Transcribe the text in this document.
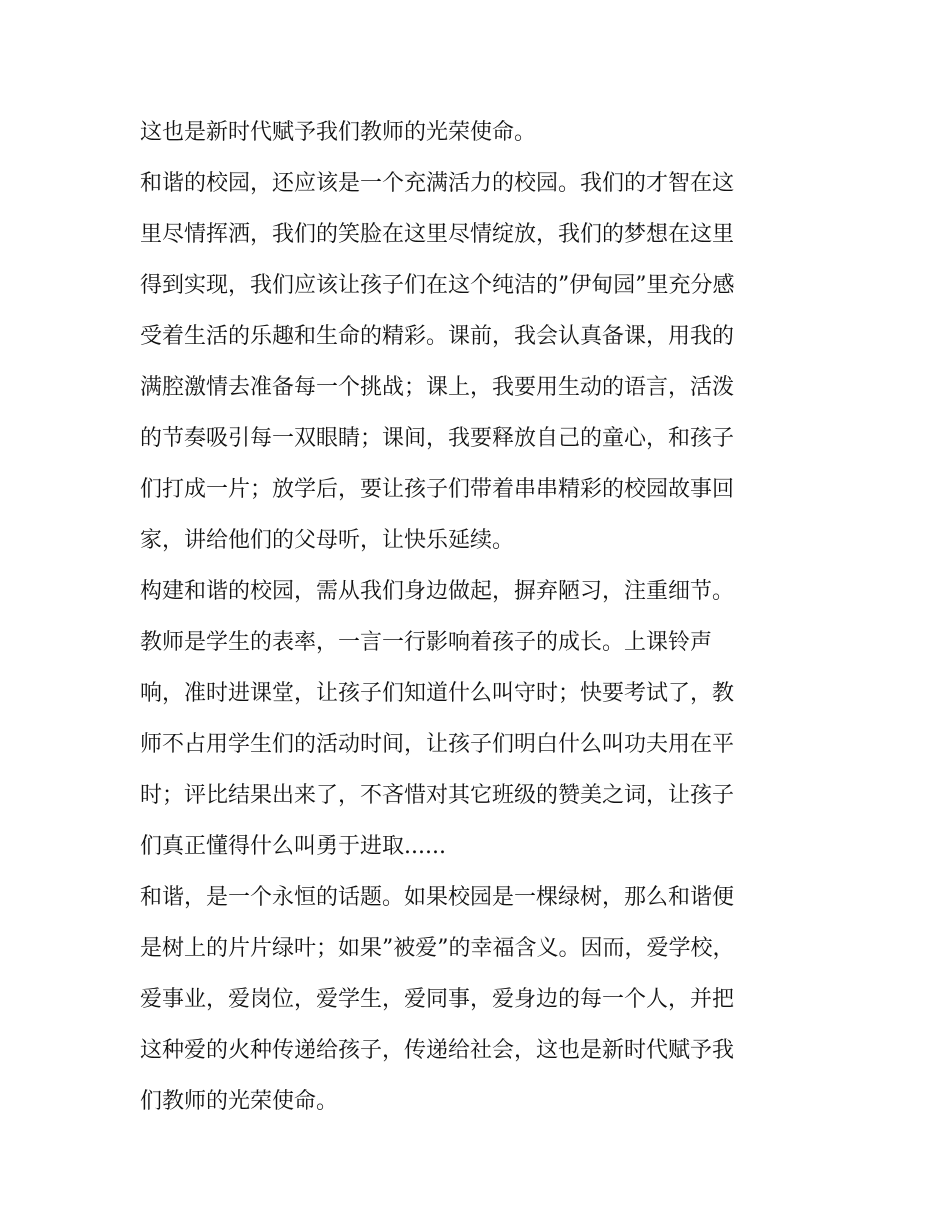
这也是新时代赋予我们教师的光荣使命。
和谐的校园，还应该是一个充满活力的校园。我们的才智在这
里尽情挥洒，我们的笑脸在这里尽情绽放，我们的梦想在这里
得到实现，我们应该让孩子们在这个纯洁的”伊甸园”里充分感
受着生活的乐趣和生命的精彩。课前，我会认真备课，用我的
满腔激情去准备每一个挑战；课上，我要用生动的语言，活泼
的节奏吸引每一双眼睛；课间，我要释放自己的童心，和孩子
们打成一片；放学后，要让孩子们带着串串精彩的校园故事回
家，讲给他们的父母听，让快乐延续。
构建和谐的校园，需从我们身边做起，摒弃陋习，注重细节。
教师是学生的表率，一言一行影响着孩子的成长。上课铃声
响，准时进课堂，让孩子们知道什么叫守时；快要考试了，教
师不占用学生们的活动时间，让孩子们明白什么叫功夫用在平
时；评比结果出来了，不吝惜对其它班级的赞美之词，让孩子
们真正懂得什么叫勇于进取......
和谐，是一个永恒的话题。如果校园是一棵绿树，那么和谐便
是树上的片片绿叶；如果”被爱”的幸福含义。因而，爱学校，
爱事业，爱岗位，爱学生，爱同事，爱身边的每一个人，并把
这种爱的火种传递给孩子，传递给社会，这也是新时代赋予我
们教师的光荣使命。
